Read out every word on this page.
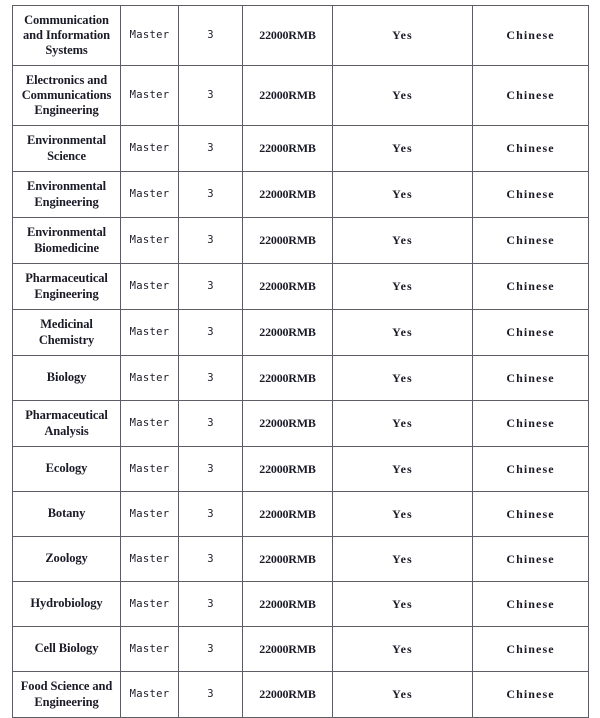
Communication and Information Systems	Master	3	22000RMB	Yes	Chinese
Electronics and Communications Engineering	Master	3	22000RMB	Yes	Chinese
Environmental Science	Master	3	22000RMB	Yes	Chinese
Environmental Engineering	Master	3	22000RMB	Yes	Chinese
Environmental Biomedicine	Master	3	22000RMB	Yes	Chinese
Pharmaceutical Engineering	Master	3	22000RMB	Yes	Chinese
Medicinal Chemistry	Master	3	22000RMB	Yes	Chinese
Biology	Master	3	22000RMB	Yes	Chinese
Pharmaceutical Analysis	Master	3	22000RMB	Yes	Chinese
Ecology	Master	3	22000RMB	Yes	Chinese
Botany	Master	3	22000RMB	Yes	Chinese
Zoology	Master	3	22000RMB	Yes	Chinese
Hydrobiology	Master	3	22000RMB	Yes	Chinese
Cell Biology	Master	3	22000RMB	Yes	Chinese
Food Science and Engineering	Master	3	22000RMB	Yes	Chinese
